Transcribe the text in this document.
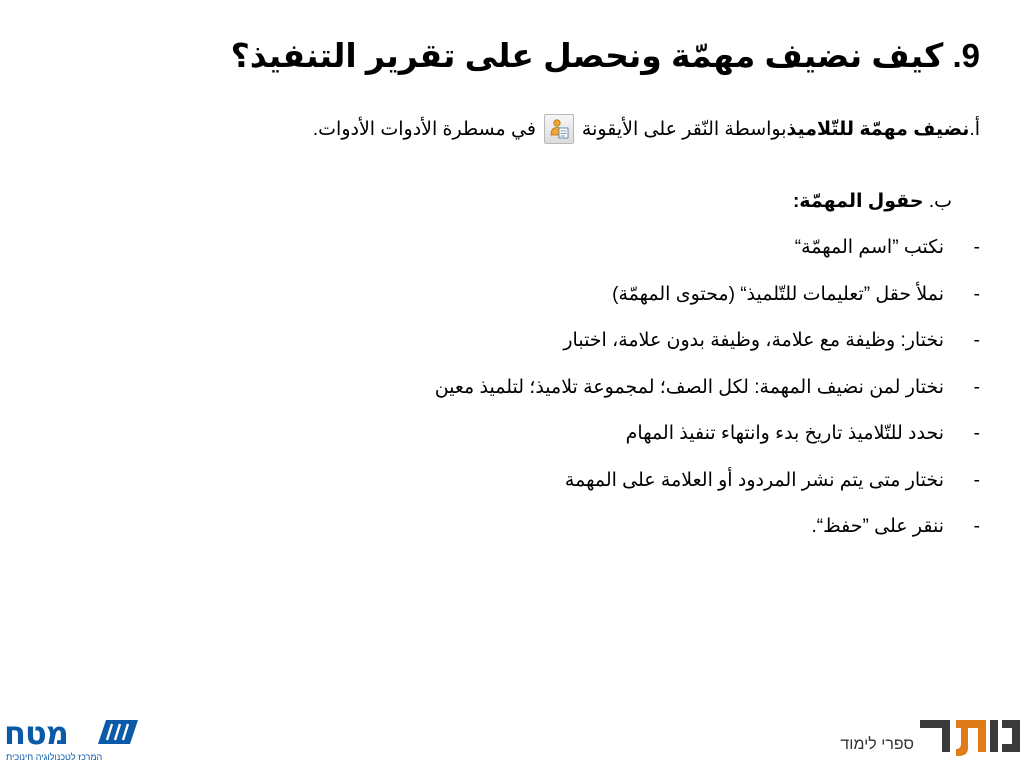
9. كيف نضيف مهمّة ونحصل على تقرير التنفيذ؟
أ.
نضيف مهمّة للتّلاميذ
بواسطة النّقر على الأيقونة
في مسطرة الأدوات الأدوات.
ب. حقول المهمّة:
-
نكتب ”اسم المهمّة“
-
نملأ حقل ”تعليمات للتّلميذ“ (محتوى المهمّة)
-
نختار: وظيفة مع علامة، وظيفة بدون علامة، اختبار
-
نختار لمن نضيف المهمة: لكل الصف؛ لمجموعة تلاميذ؛ لتلميذ معين
-
نحدد للتّلاميذ تاريخ بدء وانتهاء تنفيذ المهام
-
نختار متى يتم نشر المردود أو العلامة على المهمة
-
ننقر على ”حفظ“.
ספרי לימוד
מטח
המרכז לטכנולוגיה חינוכית
